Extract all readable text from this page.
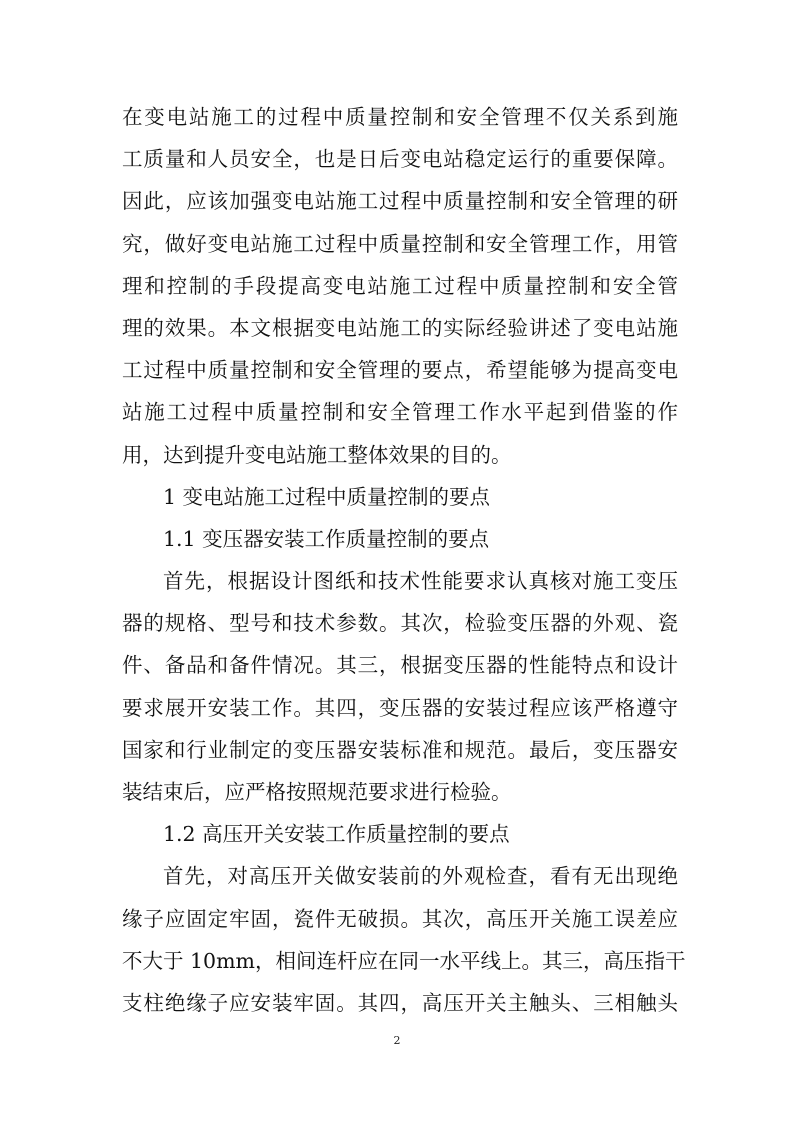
在变电站施工的过程中质量控制和安全管理不仅关系到施
工质量和人员安全，也是日后变电站稳定运行的重要保障。
因此，应该加强变电站施工过程中质量控制和安全管理的研
究，做好变电站施工过程中质量控制和安全管理工作，用管
理和控制的手段提高变电站施工过程中质量控制和安全管
理的效果。本文根据变电站施工的实际经验讲述了变电站施
工过程中质量控制和安全管理的要点，希望能够为提高变电
站施工过程中质量控制和安全管理工作水平起到借鉴的作
用，达到提升变电站施工整体效果的目的。
1 变电站施工过程中质量控制的要点
1.1 变压器安装工作质量控制的要点
首先，根据设计图纸和技术性能要求认真核对施工变压
器的规格、型号和技术参数。其次，检验变压器的外观、瓷
件、备品和备件情况。其三，根据变压器的性能特点和设计
要求展开安装工作。其四，变压器的安装过程应该严格遵守
国家和行业制定的变压器安装标准和规范。最后，变压器安
装结束后，应严格按照规范要求进行检验。
1.2 高压开关安装工作质量控制的要点
首先，对高压开关做安装前的外观检查，看有无出现绝
缘子应固定牢固，瓷件无破损。其次，高压开关施工误差应
不大于 10mm，相间连杆应在同一水平线上。其三，高压指干
支柱绝缘子应安装牢固。其四，高压开关主触头、三相触头
2
